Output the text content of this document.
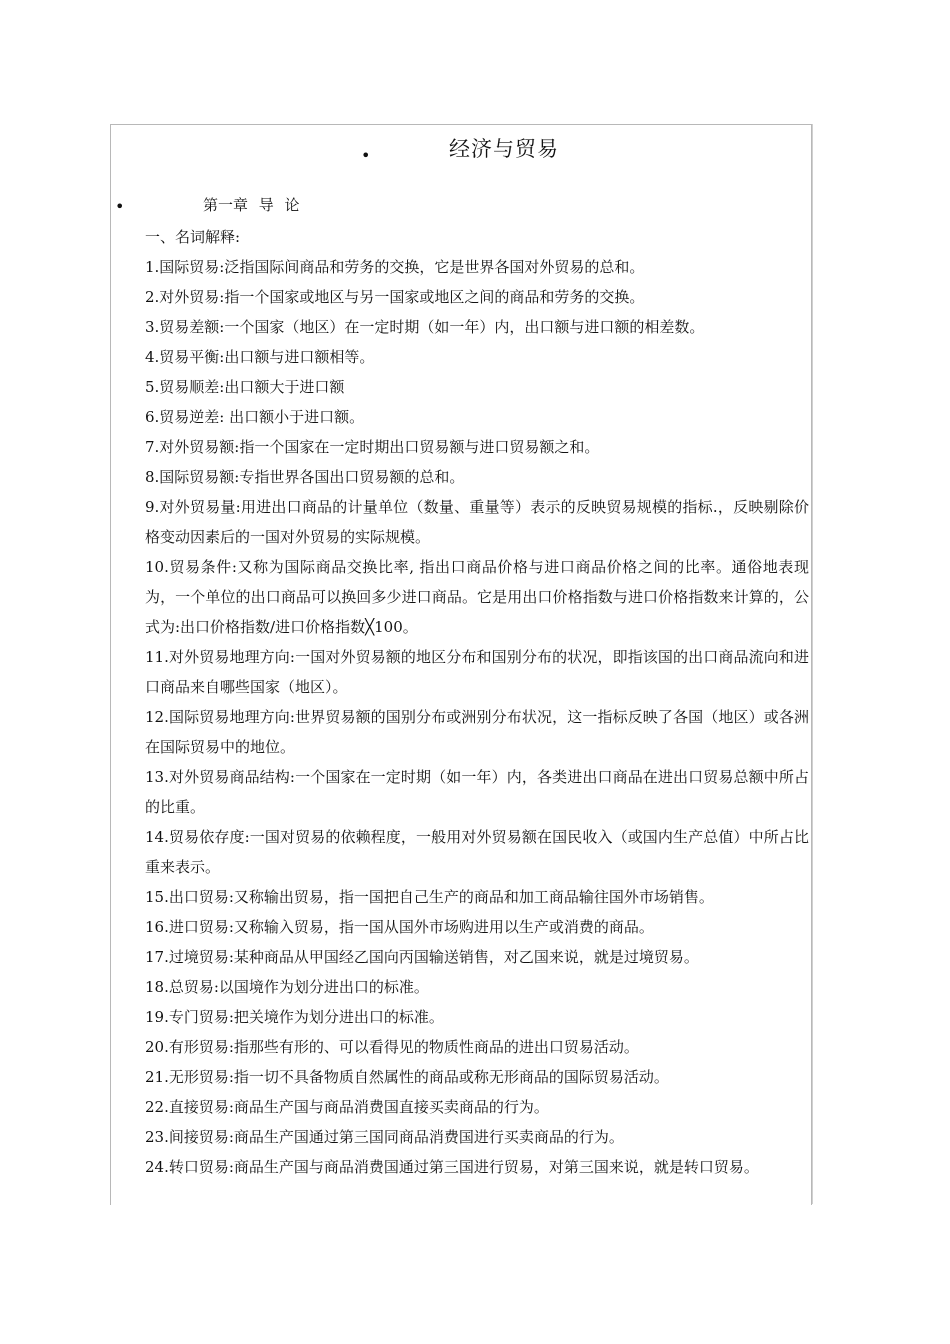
•	经济与贸易
•	第一章 导 论
一、名词解释:
1.国际贸易:泛指国际间商品和劳务的交换，它是世界各国对外贸易的总和。
2.对外贸易:指一个国家或地区与另一国家或地区之间的商品和劳务的交换。
3.贸易差额:一个国家（地区）在一定时期（如一年）内，出口额与进口额的相差数。
4.贸易平衡:出口额与进口额相等。
5.贸易顺差:出口额大于进口额
6.贸易逆差: 出口额小于进口额。
7.对外贸易额:指一个国家在一定时期出口贸易额与进口贸易额之和。
8.国际贸易额:专指世界各国出口贸易额的总和。
9.对外贸易量:用进出口商品的计量单位（数量、重量等）表示的反映贸易规模的指标.，反映剔除价格变动因素后的一国对外贸易的实际规模。
10.贸易条件:又称为国际商品交换比率, 指出口商品价格与进口商品价格之间的比率。通俗地表现为，一个单位的出口商品可以换回多少进口商品。它是用出口价格指数与进口价格指数来计算的，公式为:出口价格指数/进口价格指数╳100。
11.对外贸易地理方向:一国对外贸易额的地区分布和国别分布的状况，即指该国的出口商品流向和进口商品来自哪些国家（地区）。
12.国际贸易地理方向:世界贸易额的国别分布或洲别分布状况，这一指标反映了各国（地区）或各洲在国际贸易中的地位。
13.对外贸易商品结构:一个国家在一定时期（如一年）内，各类进出口商品在进出口贸易总额中所占的比重。
14.贸易依存度:一国对贸易的依赖程度，一般用对外贸易额在国民收入（或国内生产总值）中所占比重来表示。
15.出口贸易:又称输出贸易，指一国把自己生产的商品和加工商品输往国外市场销售。
16.进口贸易:又称输入贸易，指一国从国外市场购进用以生产或消费的商品。
17.过境贸易:某种商品从甲国经乙国向丙国输送销售，对乙国来说，就是过境贸易。
18.总贸易:以国境作为划分进出口的标准。
19.专门贸易:把关境作为划分进出口的标准。
20.有形贸易:指那些有形的、可以看得见的物质性商品的进出口贸易活动。
21.无形贸易:指一切不具备物质自然属性的商品或称无形商品的国际贸易活动。
22.直接贸易:商品生产国与商品消费国直接买卖商品的行为。
23.间接贸易:商品生产国通过第三国同商品消费国进行买卖商品的行为。
24.转口贸易:商品生产国与商品消费国通过第三国进行贸易，对第三国来说，就是转口贸易。
